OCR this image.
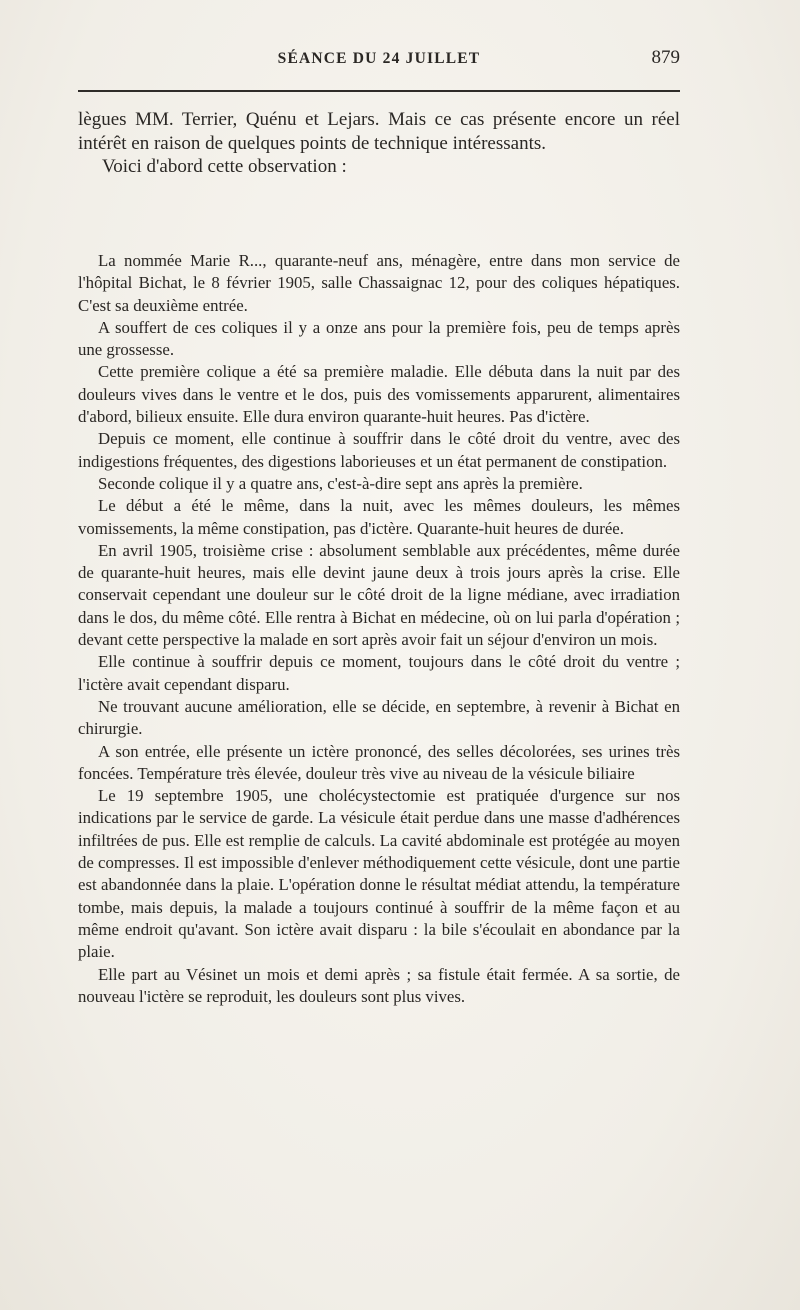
SÉANCE DU 24 JUILLET	879

lègues MM. Terrier, Quénu et Lejars. Mais ce cas présente encore un réel intérêt en raison de quelques points de technique intéressants.

Voici d'abord cette observation :

La nommée Marie R..., quarante-neuf ans, ménagère, entre dans mon service de l'hôpital Bichat, le 8 février 1905, salle Chassaignac 12, pour des coliques hépatiques. C'est sa deuxième entrée.

A souffert de ces coliques il y a onze ans pour la première fois, peu de temps après une grossesse.

Cette première colique a été sa première maladie. Elle débuta dans la nuit par des douleurs vives dans le ventre et le dos, puis des vomissements apparurent, alimentaires d'abord, bilieux ensuite. Elle dura environ quarante-huit heures. Pas d'ictère.

Depuis ce moment, elle continue à souffrir dans le côté droit du ventre, avec des indigestions fréquentes, des digestions laborieuses et un état permanent de constipation.

Seconde colique il y a quatre ans, c'est-à-dire sept ans après la première.

Le début a été le même, dans la nuit, avec les mêmes douleurs, les mêmes vomissements, la même constipation, pas d'ictère. Quarante-huit heures de durée.

En avril 1905, troisième crise : absolument semblable aux précédentes, même durée de quarante-huit heures, mais elle devint jaune deux à trois jours après la crise. Elle conservait cependant une douleur sur le côté droit de la ligne médiane, avec irradiation dans le dos, du même côté. Elle rentra à Bichat en médecine, où on lui parla d'opération ; devant cette perspective la malade en sort après avoir fait un séjour d'environ un mois.

Elle continue à souffrir depuis ce moment, toujours dans le côté droit du ventre ; l'ictère avait cependant disparu.

Ne trouvant aucune amélioration, elle se décide, en septembre, à revenir à Bichat en chirurgie.

A son entrée, elle présente un ictère prononcé, des selles décolorées, ses urines très foncées. Température très élevée, douleur très vive au niveau de la vésicule biliaire

Le 19 septembre 1905, une cholécystectomie est pratiquée d'urgence sur nos indications par le service de garde. La vésicule était perdue dans une masse d'adhérences infiltrées de pus. Elle est remplie de calculs. La cavité abdominale est protégée au moyen de compresses. Il est impossible d'enlever méthodiquement cette vésicule, dont une partie est abandonnée dans la plaie. L'opération donne le résultat médiat attendu, la température tombe, mais depuis, la malade a toujours continué à souffrir de la même façon et au même endroit qu'avant. Son ictère avait disparu : la bile s'écoulait en abondance par la plaie.

Elle part au Vésinet un mois et demi après ; sa fistule était fermée. A sa sortie, de nouveau l'ictère se reproduit, les douleurs sont plus vives.
